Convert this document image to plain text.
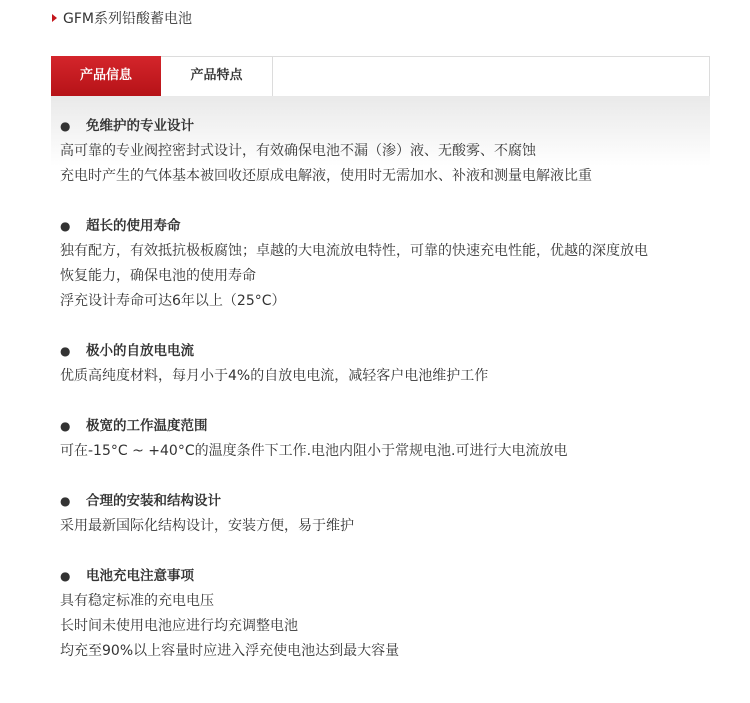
GFM系列铅酸蓄电池
产品信息	产品特点
● 免维护的专业设计
高可靠的专业阀控密封式设计，有效确保电池不漏（渗）液、无酸雾、不腐蚀
充电时产生的气体基本被回收还原成电解液，使用时无需加水、补液和测量电解液比重
● 超长的使用寿命
独有配方，有效抵抗极板腐蚀；卓越的大电流放电特性，可靠的快速充电性能，优越的深度放电
恢复能力，确保电池的使用寿命
浮充设计寿命可达6年以上（25°C）
● 极小的自放电电流
优质高纯度材料，每月小于4%的自放电电流，减轻客户电池维护工作
● 极宽的工作温度范围
可在-15°C ~ +40°C的温度条件下工作.电池内阻小于常规电池.可进行大电流放电
● 合理的安装和结构设计
采用最新国际化结构设计，安装方便，易于维护
● 电池充电注意事项
具有稳定标准的充电电压
长时间未使用电池应进行均充调整电池
均充至90%以上容量时应进入浮充使电池达到最大容量
